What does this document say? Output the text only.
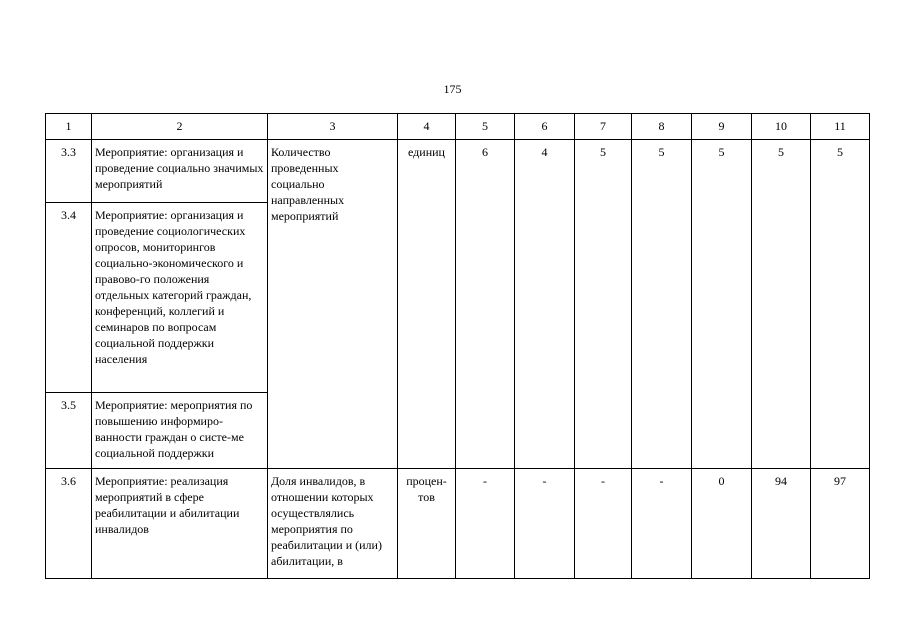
175
1	2	3	4	5	6	7	8	9	10	11
3.3	Мероприятие: организация и проведение социально значимых мероприятий	Количество проведенных социально направленных мероприятий	единиц	6	4	5	5	5	5	5
3.4	Мероприятие: организация и проведение социологических опросов, мониторингов социально-экономического и правово-го положения отдельных категорий граждан, конференций, коллегий и семинаров по вопросам социальной поддержки населения									
3.5	Мероприятие: мероприятия по повышению информиро-ванности граждан о систе-ме социальной поддержки									
3.6	Мероприятие: реализация мероприятий в сфере реабилитации и абилитации инвалидов	Доля инвалидов, в отношении которых осуществлялись мероприятия по реабилитации и (или) абилитации, в	процен-тов	-	-	-	-	0	94	97
